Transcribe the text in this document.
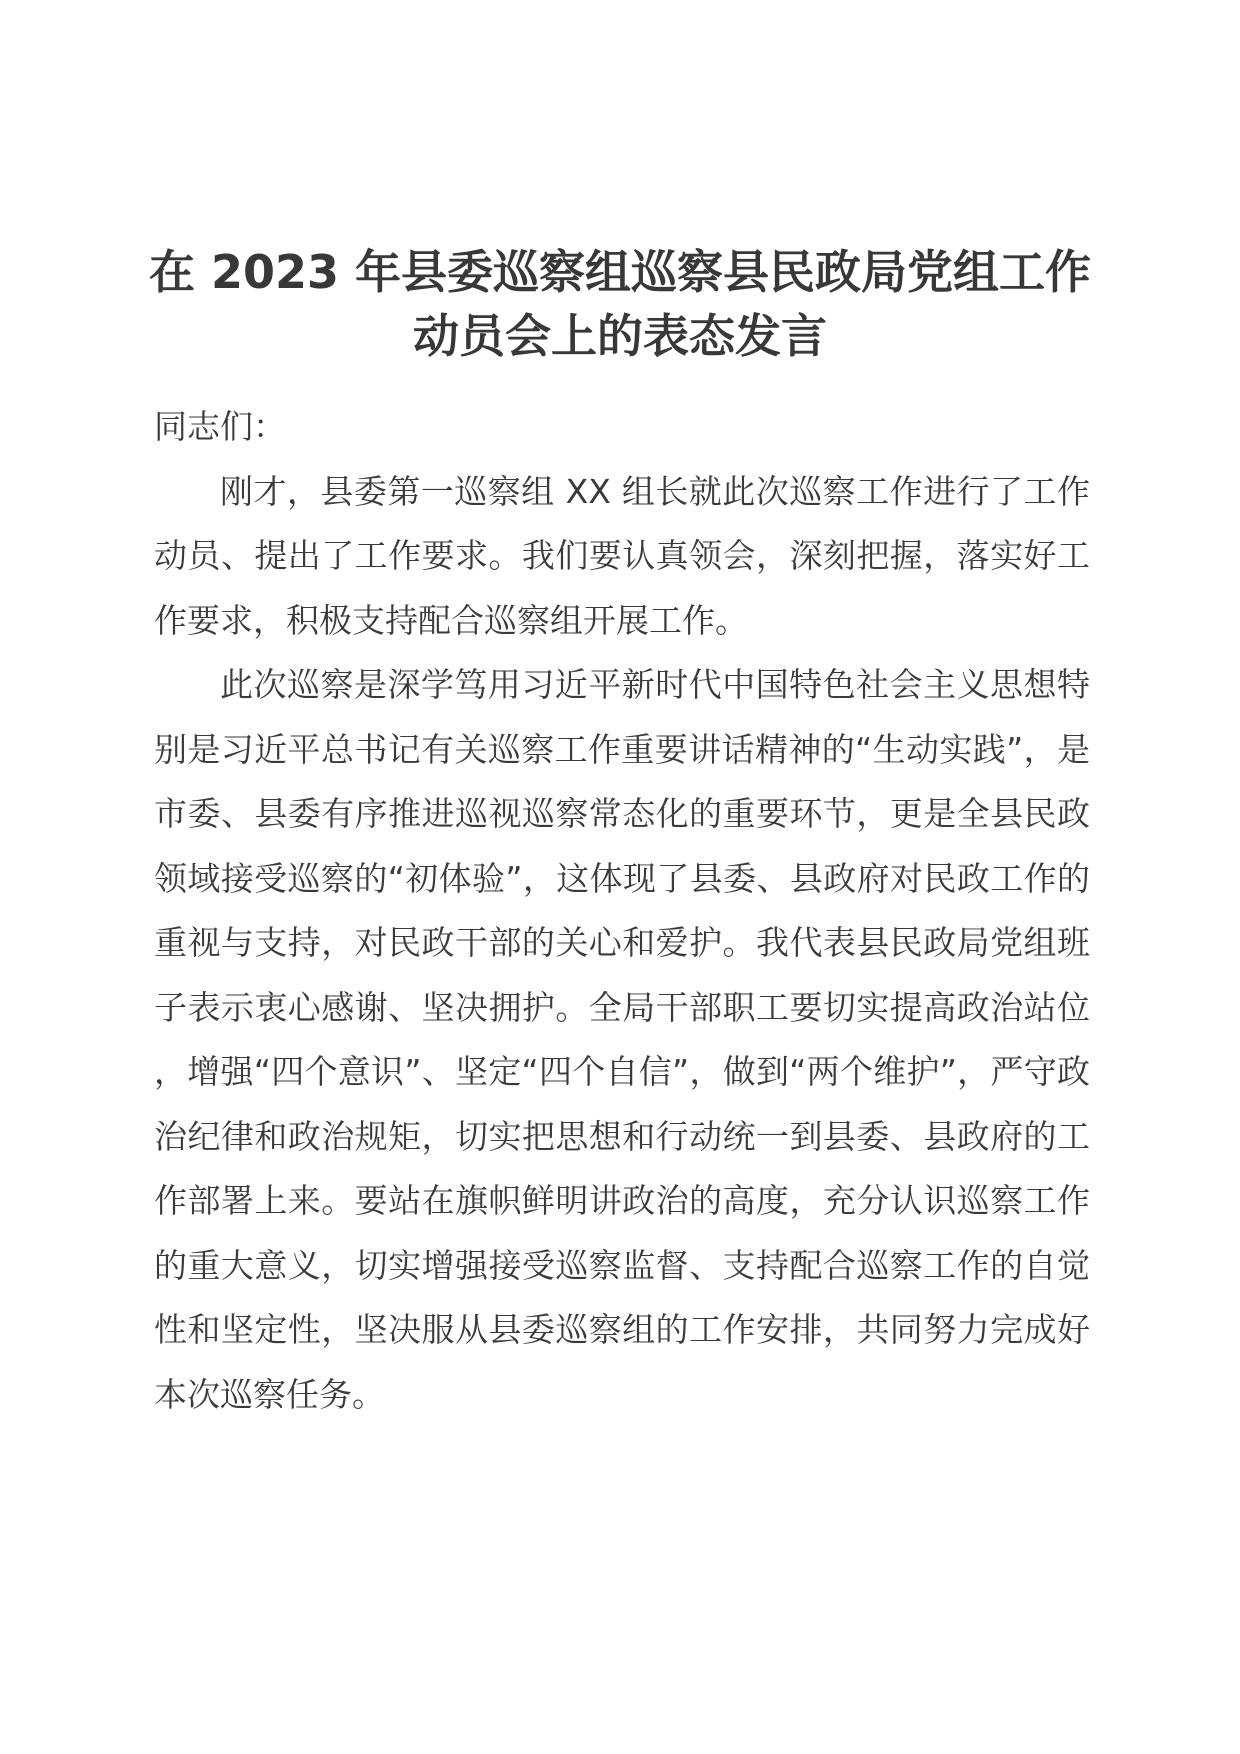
在 2023 年县委巡察组巡察县民政局党组工作
动员会上的表态发言

同志们：

刚才，县委第一巡察组 XX 组长就此次巡察工作进行了工作动员、提出了工作要求。我们要认真领会，深刻把握，落实好工作要求，积极支持配合巡察组开展工作。

此次巡察是深学笃用习近平新时代中国特色社会主义思想特别是习近平总书记有关巡察工作重要讲话精神的“生动实践”，是市委、县委有序推进巡视巡察常态化的重要环节，更是全县民政领域接受巡察的“初体验”，这体现了县委、县政府对民政工作的重视与支持，对民政干部的关心和爱护。我代表县民政局党组班子表示衷心感谢、坚决拥护。全局干部职工要切实提高政治站位，增强“四个意识”、坚定“四个自信”，做到“两个维护”，严守政治纪律和政治规矩，切实把思想和行动统一到县委、县政府的工作部署上来。要站在旗帜鲜明讲政治的高度，充分认识巡察工作的重大意义，切实增强接受巡察监督、支持配合巡察工作的自觉性和坚定性，坚决服从县委巡察组的工作安排，共同努力完成好本次巡察任务。
